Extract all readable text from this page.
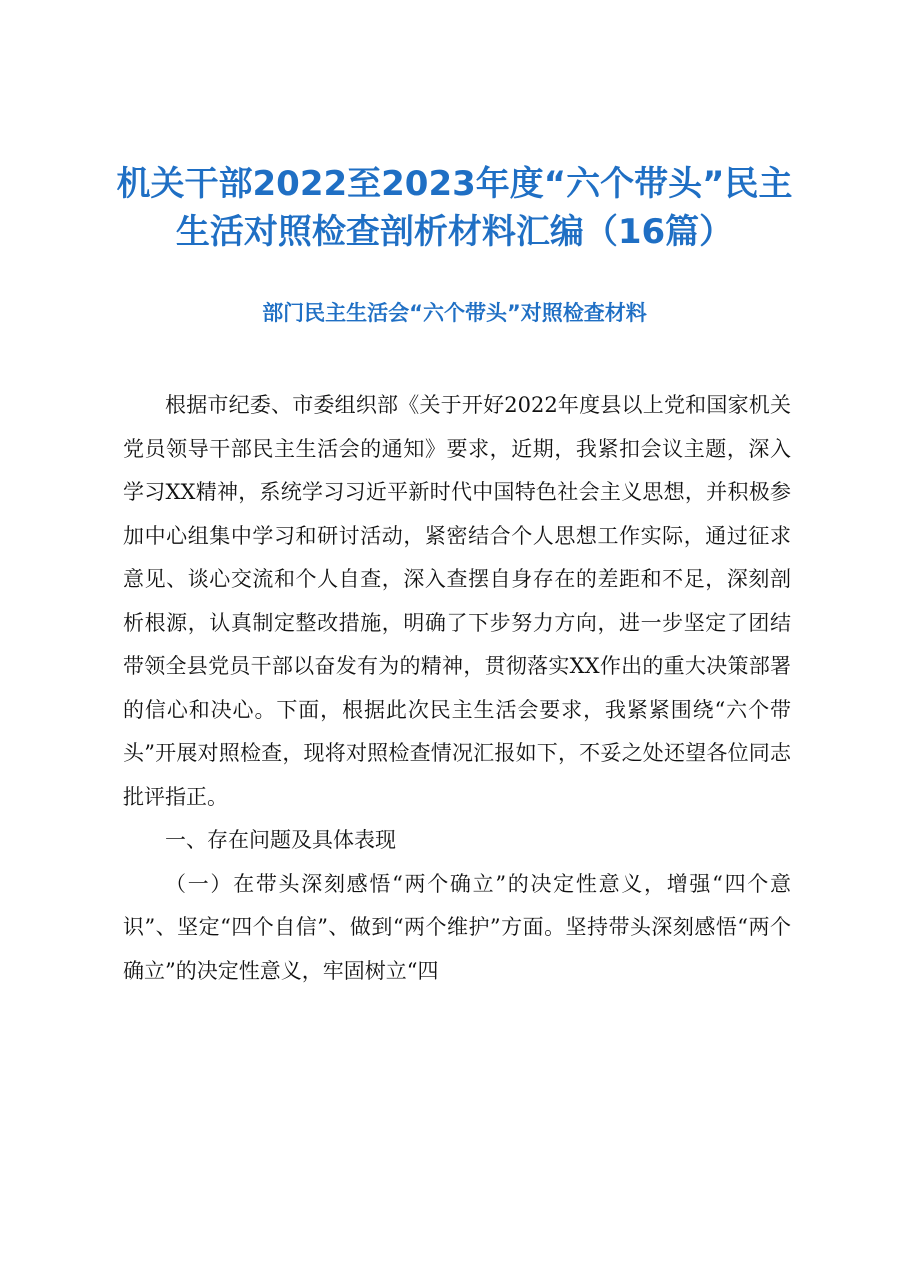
机关干部2022至2023年度“六个带头”民主
生活对照检查剖析材料汇编（16篇）
部门民主生活会“六个带头”对照检查材料

根据市纪委、市委组织部《关于开好2022年度县以上党和国家机关党员领导干部民主生活会的通知》要求，近期，我紧扣会议主题，深入学习XX精神，系统学习习近平新时代中国特色社会主义思想，并积极参加中心组集中学习和研讨活动，紧密结合个人思想工作实际，通过征求意见、谈心交流和个人自查，深入查摆自身存在的差距和不足，深刻剖析根源，认真制定整改措施，明确了下步努力方向，进一步坚定了团结带领全县党员干部以奋发有为的精神，贯彻落实XX作出的重大决策部署的信心和决心。下面，根据此次民主生活会要求，我紧紧围绕“六个带头”开展对照检查，现将对照检查情况汇报如下，不妥之处还望各位同志批评指正。

一、存在问题及具体表现

（一）在带头深刻感悟“两个确立”的决定性意义，增强“四个意识”、坚定“四个自信”、做到“两个维护”方面。坚持带头深刻感悟“两个确立”的决定性意义，牢固树立“四
